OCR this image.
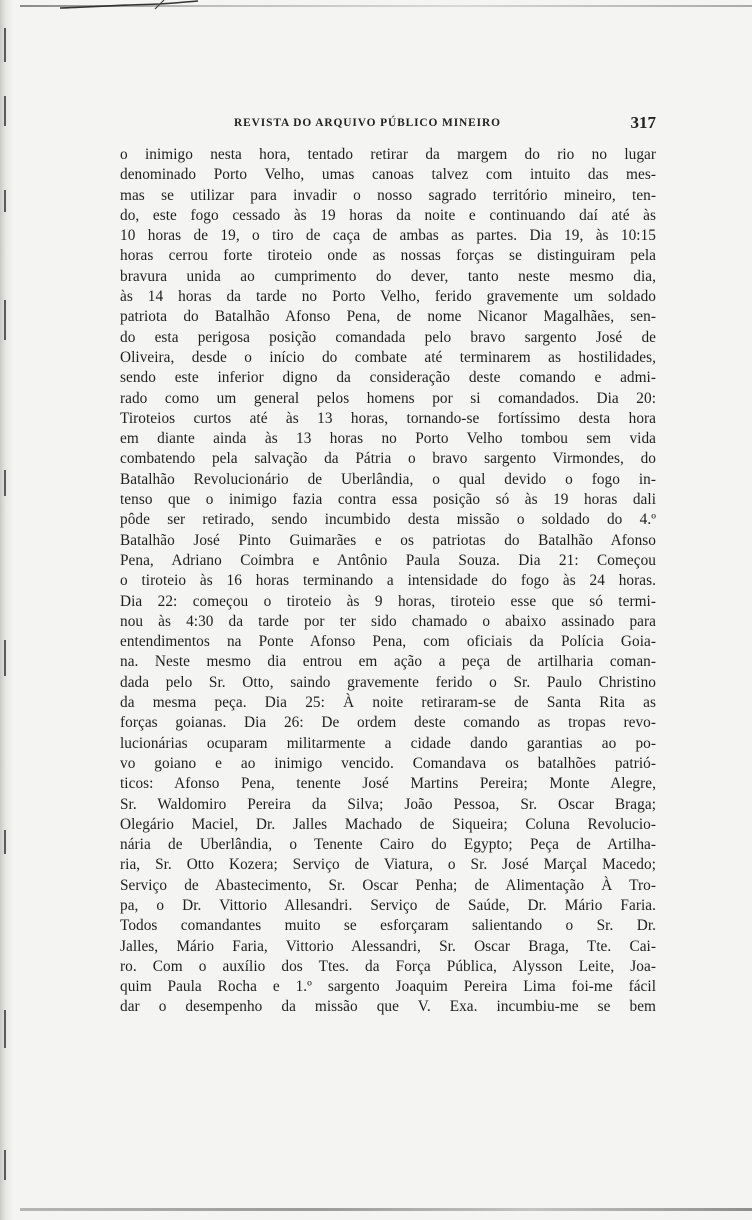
REVISTA DO ARQUIVO PÚBLICO MINEIRO	317
o inimigo nesta hora, tentado retirar da margem do rio no lugar
denominado Porto Velho, umas canoas talvez com intuito das mes-
mas se utilizar para invadir o nosso sagrado território mineiro, ten-
do, este fogo cessado às 19 horas da noite e continuando daí até às
10 horas de 19, o tiro de caça de ambas as partes. Dia 19, às 10:15
horas cerrou forte tiroteio onde as nossas forças se distinguiram pela
bravura unida ao cumprimento do dever, tanto neste mesmo dia,
às 14 horas da tarde no Porto Velho, ferido gravemente um soldado
patriota do Batalhão Afonso Pena, de nome Nicanor Magalhães, sen-
do esta perigosa posição comandada pelo bravo sargento José de
Oliveira, desde o início do combate até terminarem as hostilidades,
sendo este inferior digno da consideração deste comando e admi-
rado como um general pelos homens por si comandados. Dia 20:
Tiroteios curtos até às 13 horas, tornando-se fortíssimo desta hora
em diante ainda às 13 horas no Porto Velho tombou sem vida
combatendo pela salvação da Pátria o bravo sargento Virmondes, do
Batalhão Revolucionário de Uberlândia, o qual devido o fogo in-
tenso que o inimigo fazia contra essa posição só às 19 horas dali
pôde ser retirado, sendo incumbido desta missão o soldado do 4.º
Batalhão José Pinto Guimarães e os patriotas do Batalhão Afonso
Pena, Adriano Coimbra e Antônio Paula Souza. Dia 21: Começou
o tiroteio às 16 horas terminando a intensidade do fogo às 24 horas.
Dia 22: começou o tiroteio às 9 horas, tiroteio esse que só termi-
nou às 4:30 da tarde por ter sido chamado o abaixo assinado para
entendimentos na Ponte Afonso Pena, com oficiais da Polícia Goia-
na. Neste mesmo dia entrou em ação a peça de artilharia coman-
dada pelo Sr. Otto, saindo gravemente ferido o Sr. Paulo Christino
da mesma peça. Dia 25: À noite retiraram-se de Santa Rita as
forças goianas. Dia 26: De ordem deste comando as tropas revo-
lucionárias ocuparam militarmente a cidade dando garantias ao po-
vo goiano e ao inimigo vencido. Comandava os batalhões patrió-
ticos: Afonso Pena, tenente José Martins Pereira; Monte Alegre,
Sr. Waldomiro Pereira da Silva; João Pessoa, Sr. Oscar Braga;
Olegário Maciel, Dr. Jalles Machado de Siqueira; Coluna Revolucio-
nária de Uberlândia, o Tenente Cairo do Egypto; Peça de Artilha-
ria, Sr. Otto Kozera; Serviço de Viatura, o Sr. José Marçal Macedo;
Serviço de Abastecimento, Sr. Oscar Penha; de Alimentação À Tro-
pa, o Dr. Vittorio Allesandri. Serviço de Saúde, Dr. Mário Faria.
Todos comandantes muito se esforçaram salientando o Sr. Dr.
Jalles, Mário Faria, Vittorio Alessandri, Sr. Oscar Braga, Tte. Cai-
ro. Com o auxílio dos Ttes. da Força Pública, Alysson Leite, Joa-
quim Paula Rocha e 1.º sargento Joaquim Pereira Lima foi-me fácil
dar o desempenho da missão que V. Exa. incumbiu-me se bem
